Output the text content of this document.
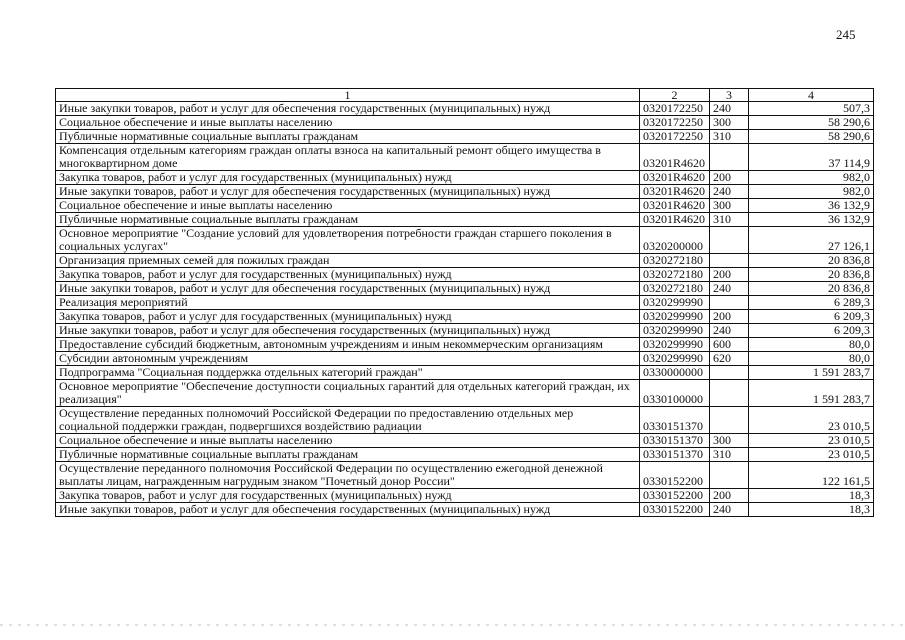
245
1	2	3	4
Иные закупки товаров, работ и услуг для обеспечения государственных (муниципальных) нужд	0320172250	240	507,3
Социальное обеспечение и иные выплаты населению	0320172250	300	58 290,6
Публичные нормативные социальные выплаты гражданам	0320172250	310	58 290,6
Компенсация отдельным категориям граждан оплаты взноса на капитальный ремонт общего имущества в многоквартирном доме	03201R4620		37 114,9
Закупка товаров, работ и услуг для государственных (муниципальных) нужд	03201R4620	200	982,0
Иные закупки товаров, работ и услуг для обеспечения государственных (муниципальных) нужд	03201R4620	240	982,0
Социальное обеспечение и иные выплаты населению	03201R4620	300	36 132,9
Публичные нормативные социальные выплаты гражданам	03201R4620	310	36 132,9
Основное мероприятие "Создание условий для удовлетворения потребности граждан старшего поколения в социальных услугах"	0320200000		27 126,1
Организация приемных семей для пожилых граждан	0320272180		20 836,8
Закупка товаров, работ и услуг для государственных (муниципальных) нужд	0320272180	200	20 836,8
Иные закупки товаров, работ и услуг для обеспечения государственных (муниципальных) нужд	0320272180	240	20 836,8
Реализация мероприятий	0320299990		6 289,3
Закупка товаров, работ и услуг для государственных (муниципальных) нужд	0320299990	200	6 209,3
Иные закупки товаров, работ и услуг для обеспечения государственных (муниципальных) нужд	0320299990	240	6 209,3
Предоставление субсидий бюджетным, автономным учреждениям и иным некоммерческим организациям	0320299990	600	80,0
Субсидии автономным учреждениям	0320299990	620	80,0
Подпрограмма "Социальная поддержка отдельных категорий граждан"	0330000000		1 591 283,7
Основное мероприятие "Обеспечение доступности социальных гарантий для отдельных категорий граждан, их реализация"	0330100000		1 591 283,7
Осуществление переданных полномочий Российской Федерации по предоставлению отдельных мер социальной поддержки граждан, подвергшихся воздействию радиации	0330151370		23 010,5
Социальное обеспечение и иные выплаты населению	0330151370	300	23 010,5
Публичные нормативные социальные выплаты гражданам	0330151370	310	23 010,5
Осуществление переданного полномочия Российской Федерации по осуществлению ежегодной денежной выплаты лицам, награжденным нагрудным знаком "Почетный донор России"	0330152200		122 161,5
Закупка товаров, работ и услуг для государственных (муниципальных) нужд	0330152200	200	18,3
Иные закупки товаров, работ и услуг для обеспечения государственных (муниципальных) нужд	0330152200	240	18,3
